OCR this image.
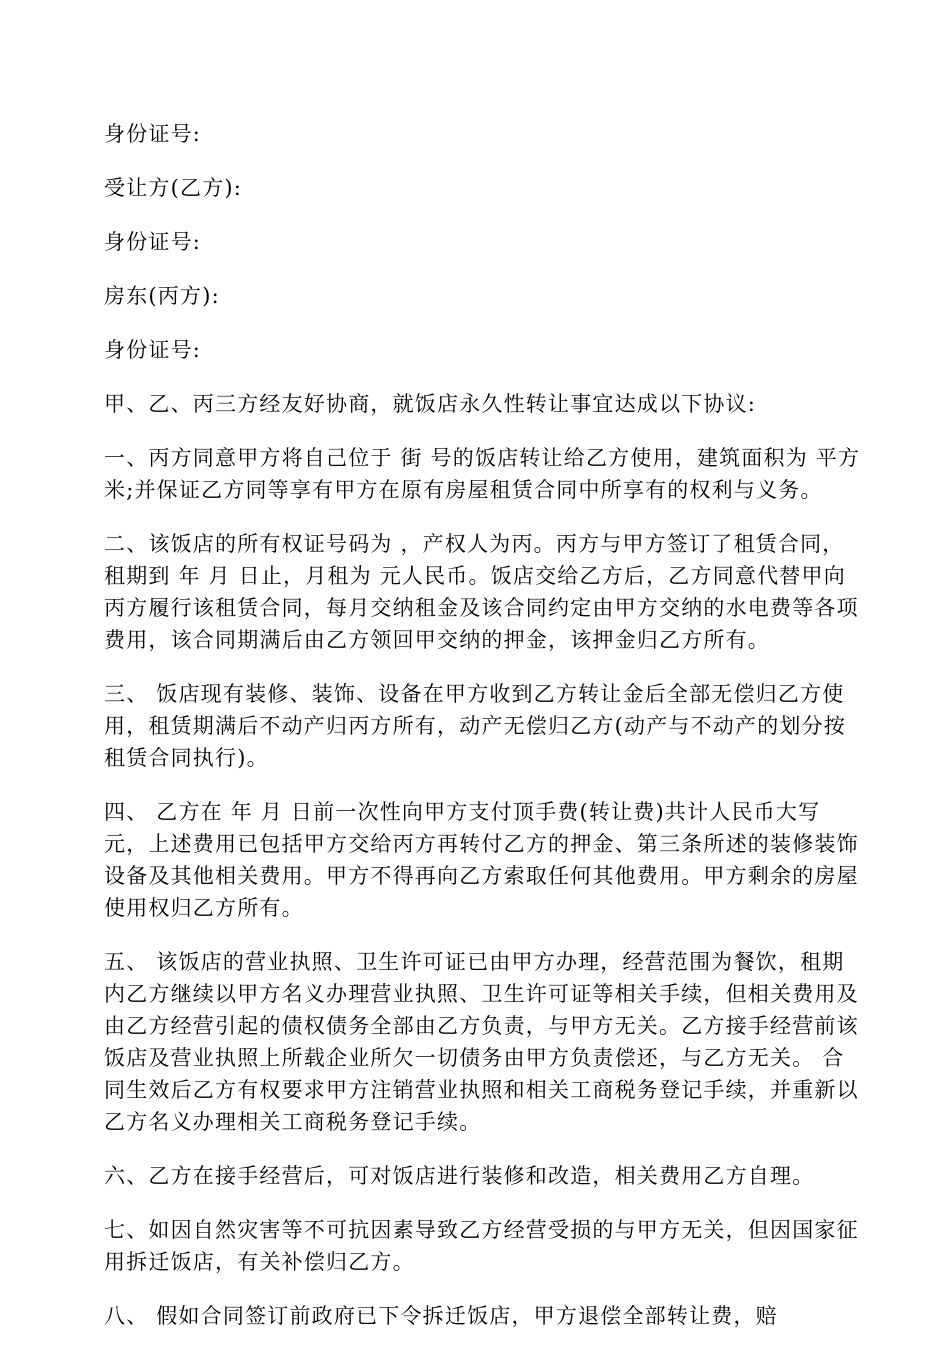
身份证号:
受让方(乙方):
身份证号:
房东(丙方):
身份证号:

甲、乙、丙三方经友好协商，就饭店永久性转让事宜达成以下协议:

一、丙方同意甲方将自己位于 街 号的饭店转让给乙方使用，建筑面积为 平方米;并保证乙方同等享有甲方在原有房屋租赁合同中所享有的权利与义务。

二、该饭店的所有权证号码为 ，产权人为丙。丙方与甲方签订了租赁合同，租期到 年 月 日止，月租为 元人民币。饭店交给乙方后，乙方同意代替甲向丙方履行该租赁合同，每月交纳租金及该合同约定由甲方交纳的水电费等各项费用，该合同期满后由乙方领回甲交纳的押金，该押金归乙方所有。

三、 饭店现有装修、装饰、设备在甲方收到乙方转让金后全部无偿归乙方使用，租赁期满后不动产归丙方所有，动产无偿归乙方(动产与不动产的划分按租赁合同执行)。

四、 乙方在 年 月 日前一次性向甲方支付顶手费(转让费)共计人民币大写 元，上述费用已包括甲方交给丙方再转付乙方的押金、第三条所述的装修装饰设备及其他相关费用。甲方不得再向乙方索取任何其他费用。甲方剩余的房屋使用权归乙方所有。

五、 该饭店的营业执照、卫生许可证已由甲方办理，经营范围为餐饮，租期内乙方继续以甲方名义办理营业执照、卫生许可证等相关手续，但相关费用及由乙方经营引起的债权债务全部由乙方负责，与甲方无关。乙方接手经营前该饭店及营业执照上所载企业所欠一切债务由甲方负责偿还，与乙方无关。 合同生效后乙方有权要求甲方注销营业执照和相关工商税务登记手续，并重新以乙方名义办理相关工商税务登记手续。

六、乙方在接手经营后，可对饭店进行装修和改造，相关费用乙方自理。

七、如因自然灾害等不可抗因素导致乙方经营受损的与甲方无关，但因国家征用拆迁饭店，有关补偿归乙方。

八、 假如合同签订前政府已下令拆迁饭店，甲方退偿全部转让费，赔
